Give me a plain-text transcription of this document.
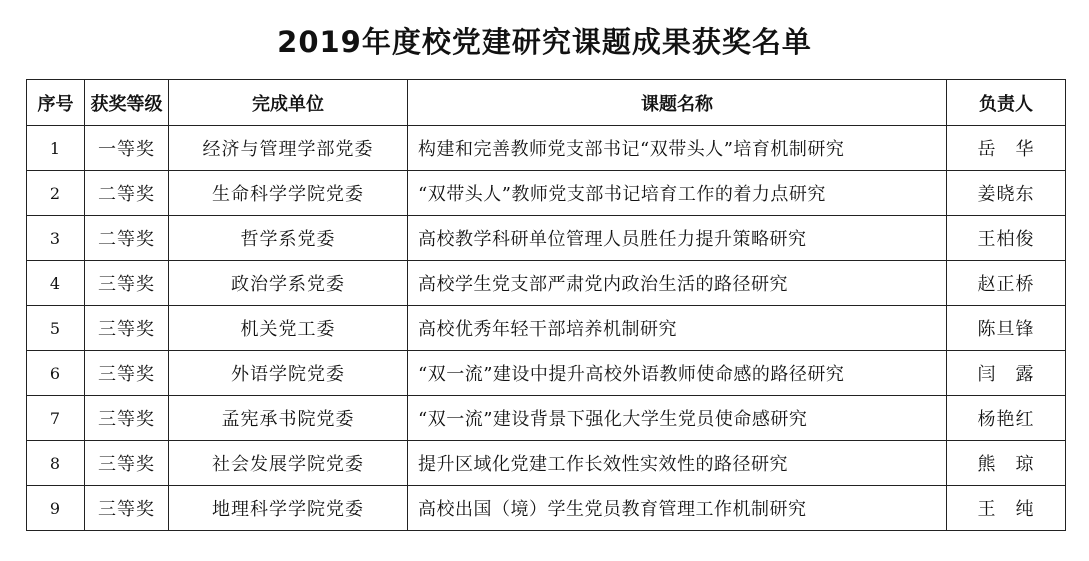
2019年度校党建研究课题成果获奖名单
序号	获奖等级	完成单位	课题名称	负责人
1	一等奖	经济与管理学部党委	构建和完善教师党支部书记“双带头人”培育机制研究	岳　华
2	二等奖	生命科学学院党委	“双带头人”教师党支部书记培育工作的着力点研究	姜晓东
3	二等奖	哲学系党委	高校教学科研单位管理人员胜任力提升策略研究	王柏俊
4	三等奖	政治学系党委	高校学生党支部严肃党内政治生活的路径研究	赵正桥
5	三等奖	机关党工委	高校优秀年轻干部培养机制研究	陈旦锋
6	三等奖	外语学院党委	“双一流”建设中提升高校外语教师使命感的路径研究	闫　露
7	三等奖	孟宪承书院党委	“双一流”建设背景下强化大学生党员使命感研究	杨艳红
8	三等奖	社会发展学院党委	提升区域化党建工作长效性实效性的路径研究	熊　琼
9	三等奖	地理科学学院党委	高校出国（境）学生党员教育管理工作机制研究	王　纯
